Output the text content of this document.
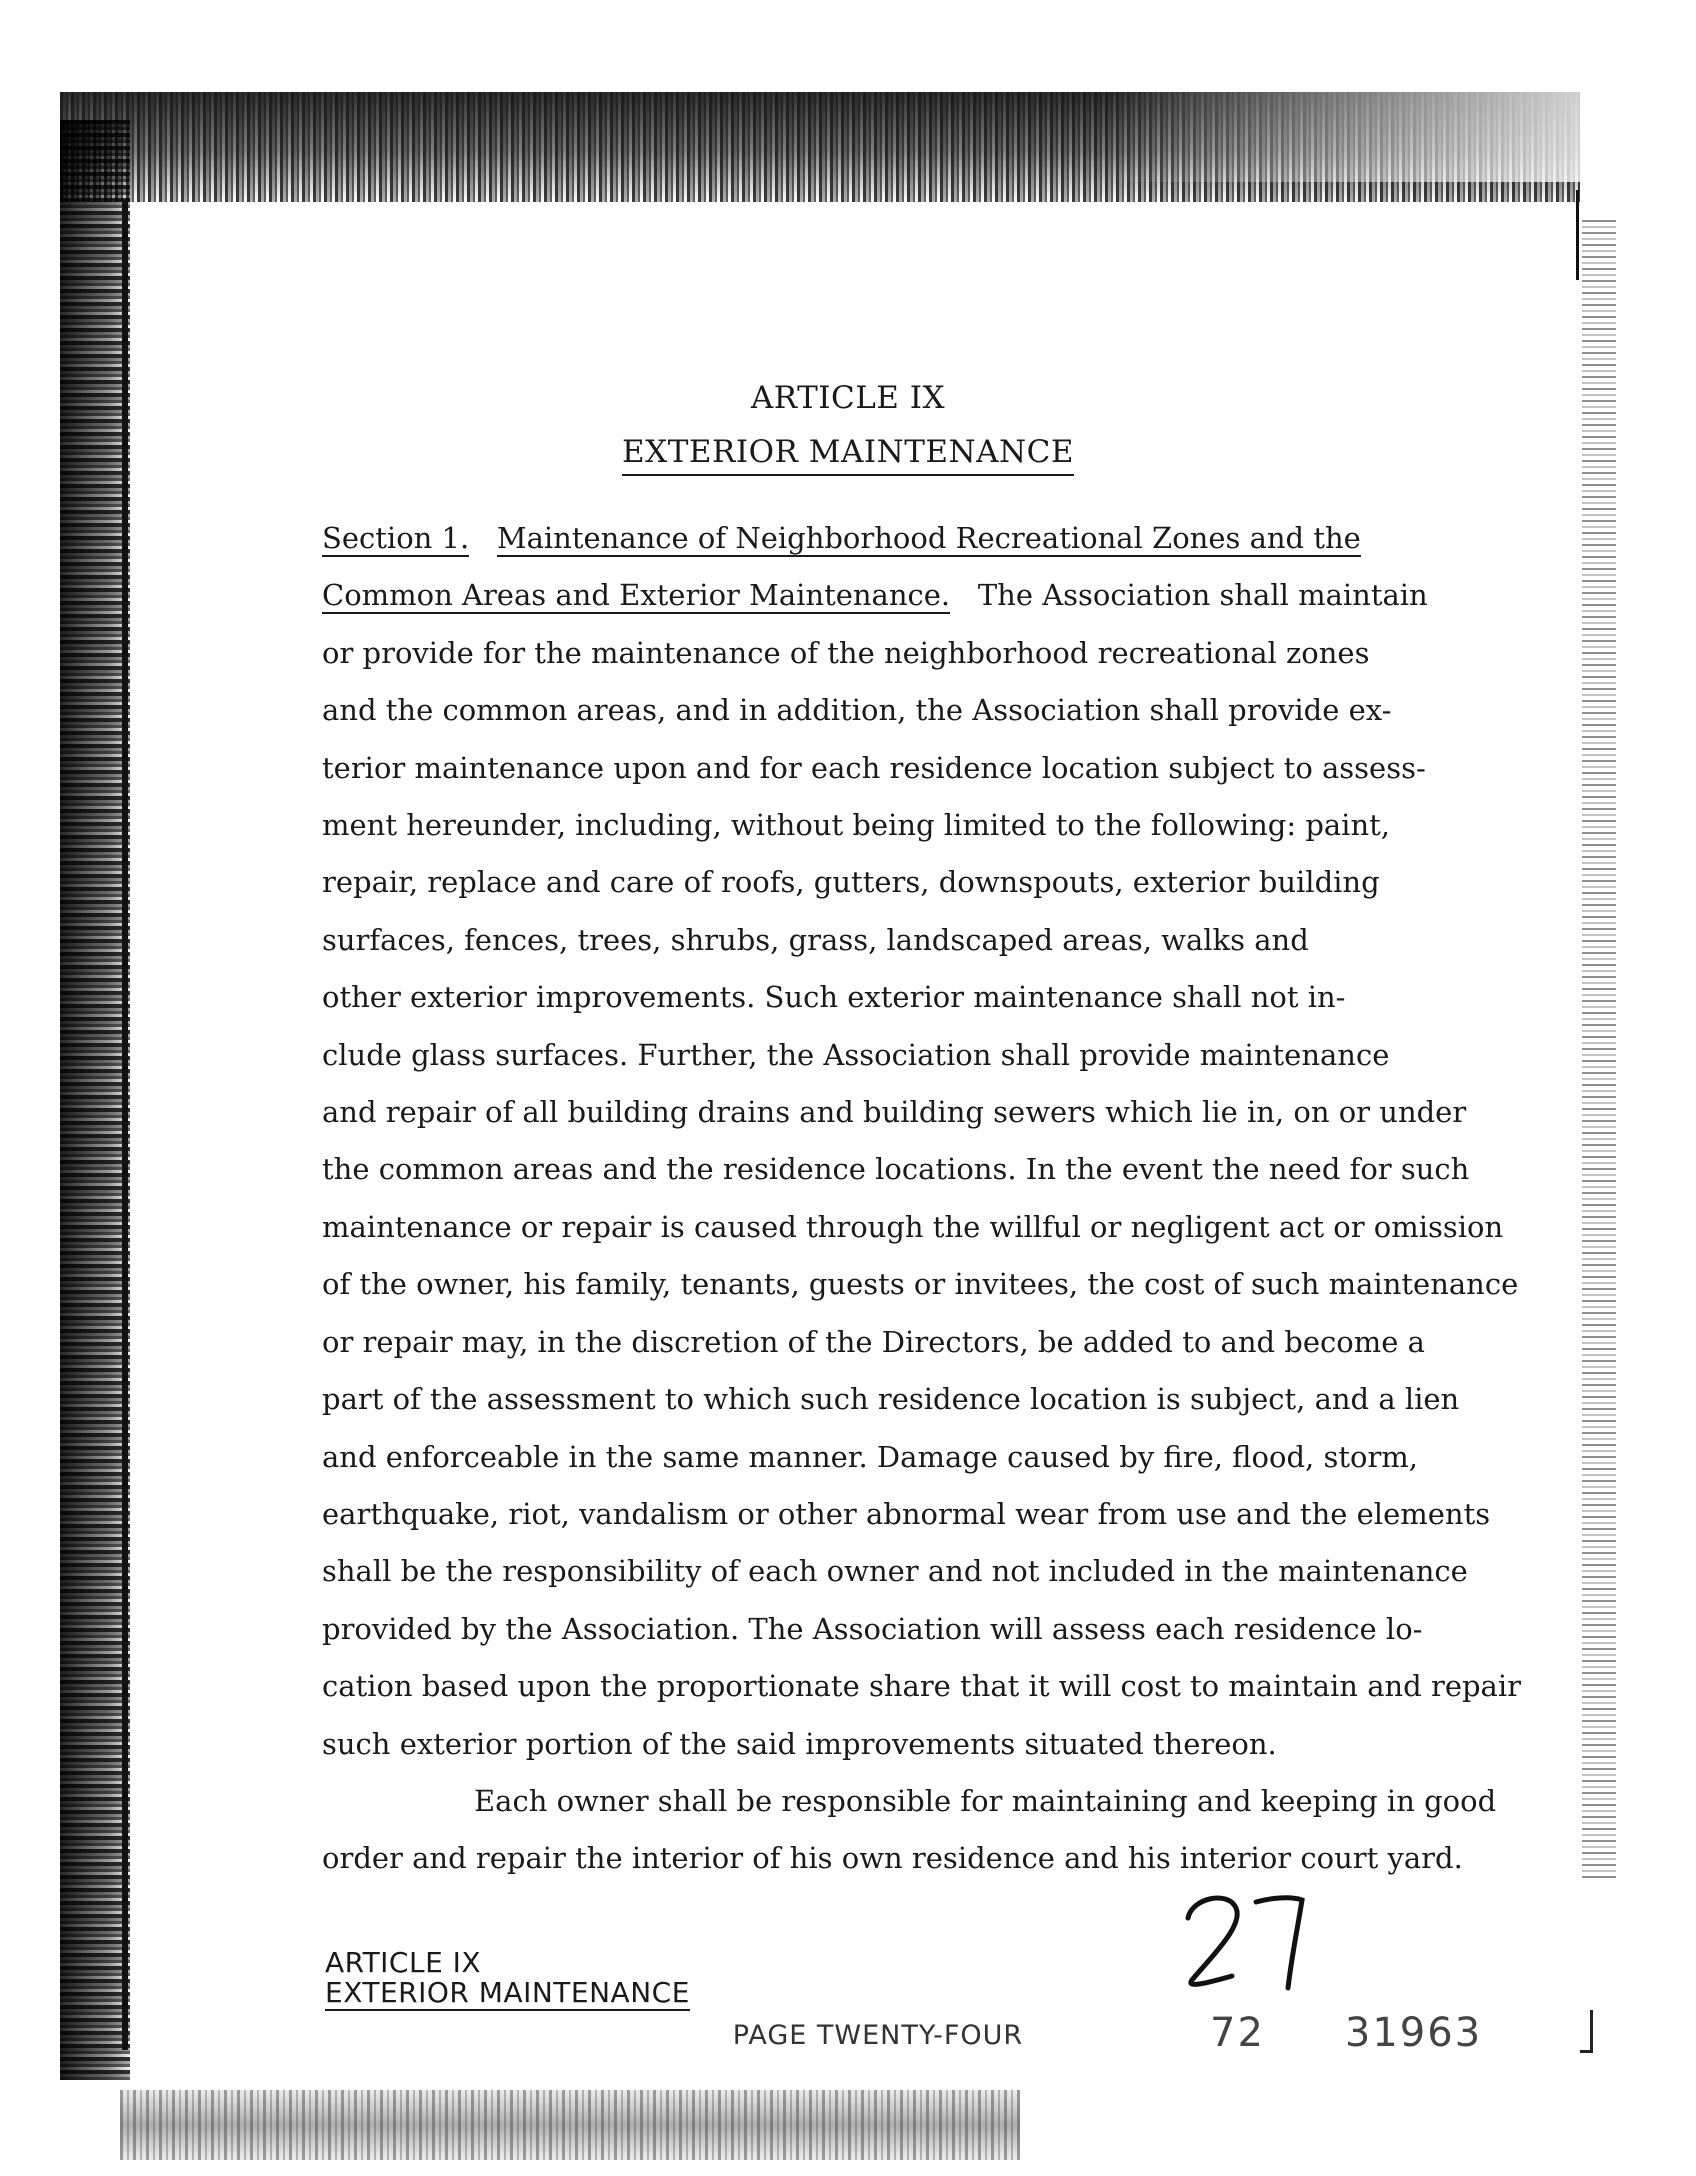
ARTICLE IX
EXTERIOR MAINTENANCE
Section 1. Maintenance of Neighborhood Recreational Zones and the
Common Areas and Exterior Maintenance. The Association shall maintain
or provide for the maintenance of the neighborhood recreational zones
and the common areas, and in addition, the Association shall provide ex-
terior maintenance upon and for each residence location subject to assess-
ment hereunder, including, without being limited to the following: paint,
repair, replace and care of roofs, gutters, downspouts, exterior building
surfaces, fences, trees, shrubs, grass, landscaped areas, walks and
other exterior improvements. Such exterior maintenance shall not in-
clude glass surfaces. Further, the Association shall provide maintenance
and repair of all building drains and building sewers which lie in, on or under
the common areas and the residence locations. In the event the need for such
maintenance or repair is caused through the willful or negligent act or omission
of the owner, his family, tenants, guests or invitees, the cost of such maintenance
or repair may, in the discretion of the Directors, be added to and become a
part of the assessment to which such residence location is subject, and a lien
and enforceable in the same manner. Damage caused by fire, flood, storm,
earthquake, riot, vandalism or other abnormal wear from use and the elements
shall be the responsibility of each owner and not included in the maintenance
provided by the Association. The Association will assess each residence lo-
cation based upon the proportionate share that it will cost to maintain and repair
such exterior portion of the said improvements situated thereon.
Each owner shall be responsible for maintaining and keeping in good
order and repair the interior of his own residence and his interior court yard.
ARTICLE IX
EXTERIOR MAINTENANCE
PAGE TWENTY-FOUR	72 31963
